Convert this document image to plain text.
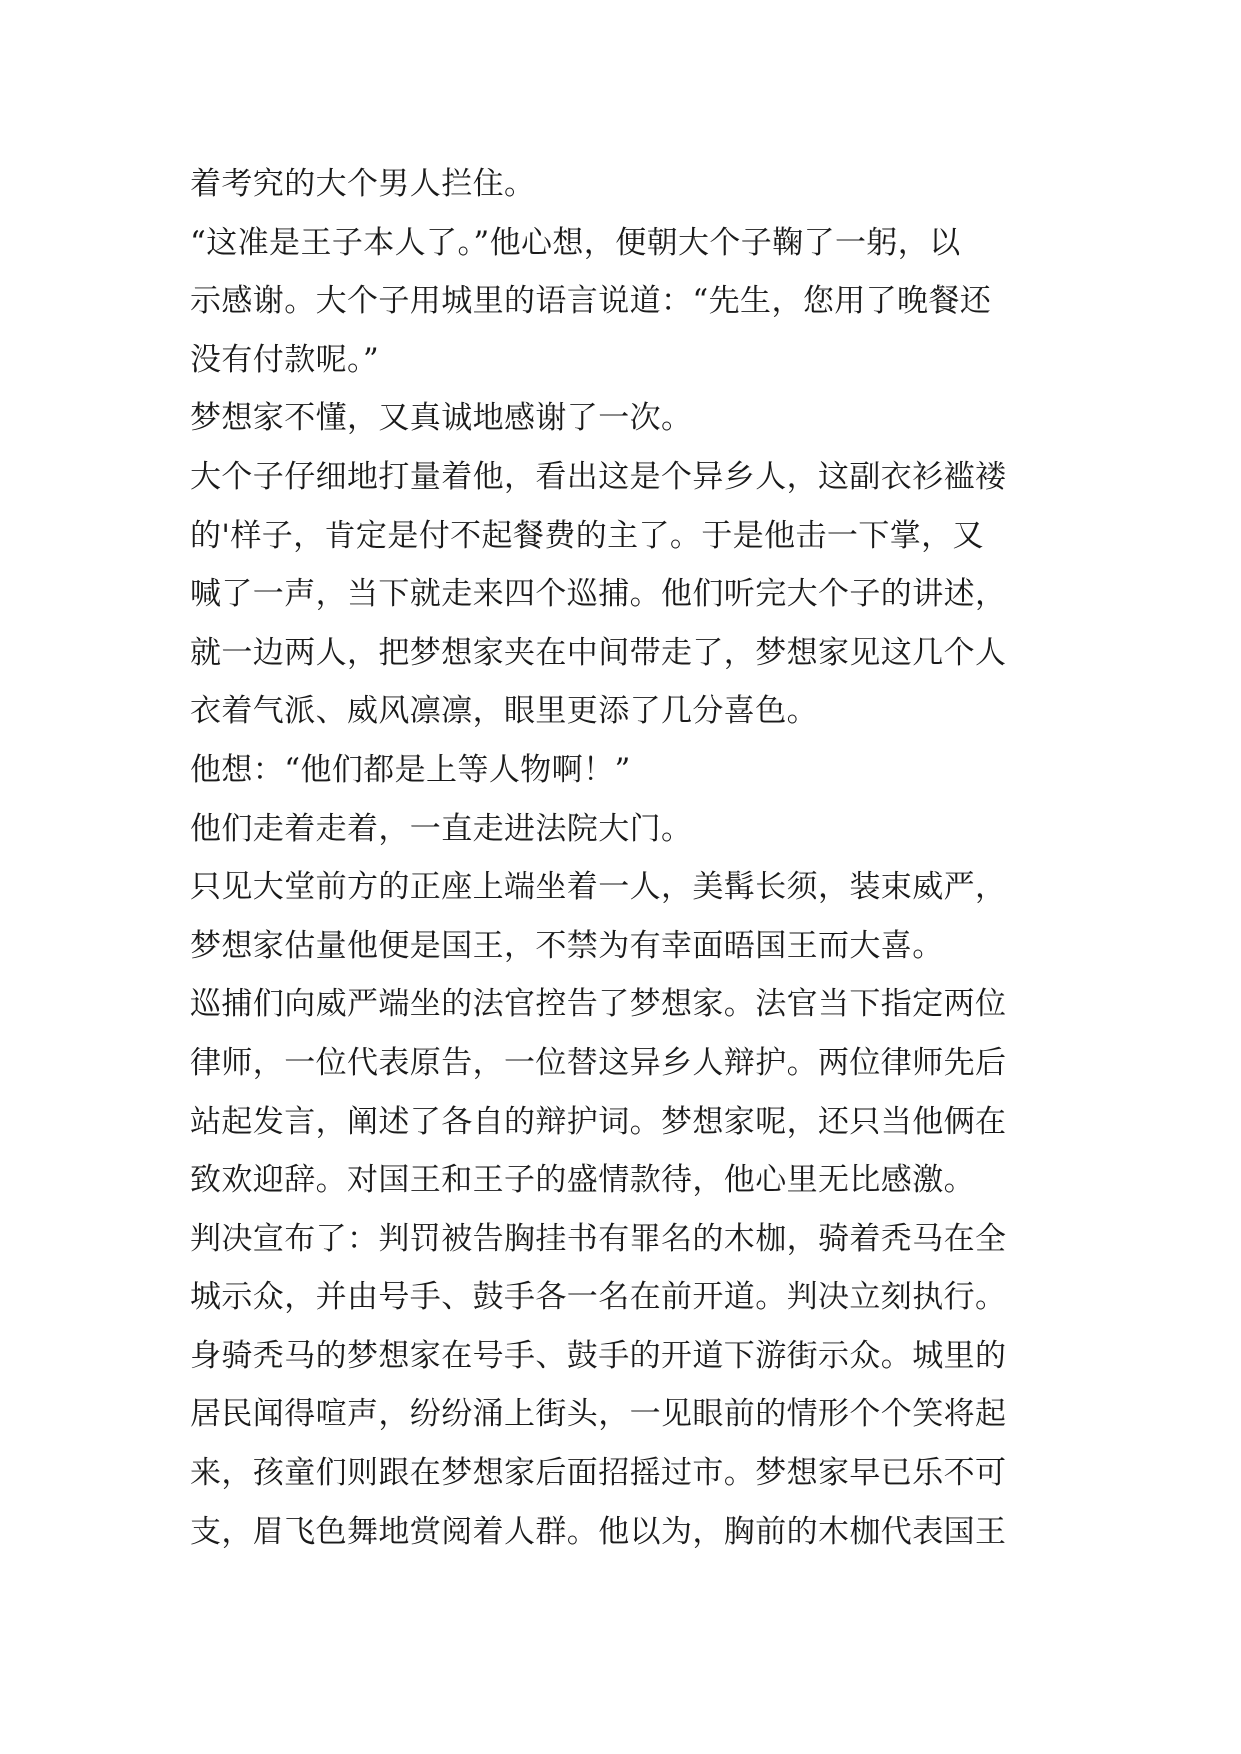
着考究的大个男人拦住。
“这准是王子本人了。”他心想，便朝大个子鞠了一躬，以
示感谢。大个子用城里的语言说道：“先生，您用了晚餐还
没有付款呢。”
梦想家不懂，又真诚地感谢了一次。
大个子仔细地打量着他，看出这是个异乡人，这副衣衫褴褛
的'样子，肯定是付不起餐费的主了。于是他击一下掌，又
喊了一声，当下就走来四个巡捕。他们听完大个子的讲述，
就一边两人，把梦想家夹在中间带走了，梦想家见这几个人
衣着气派、威风凛凛，眼里更添了几分喜色。
他想：“他们都是上等人物啊！”
他们走着走着，一直走进法院大门。
只见大堂前方的正座上端坐着一人，美髯长须，装束威严，
梦想家估量他便是国王，不禁为有幸面晤国王而大喜。
巡捕们向威严端坐的法官控告了梦想家。法官当下指定两位
律师，一位代表原告，一位替这异乡人辩护。两位律师先后
站起发言，阐述了各自的辩护词。梦想家呢，还只当他俩在
致欢迎辞。对国王和王子的盛情款待，他心里无比感激。
判决宣布了：判罚被告胸挂书有罪名的木枷，骑着秃马在全
城示众，并由号手、鼓手各一名在前开道。判决立刻执行。
身骑秃马的梦想家在号手、鼓手的开道下游街示众。城里的
居民闻得喧声，纷纷涌上街头，一见眼前的情形个个笑将起
来，孩童们则跟在梦想家后面招摇过市。梦想家早已乐不可
支，眉飞色舞地赏阅着人群。他以为，胸前的木枷代表国王
